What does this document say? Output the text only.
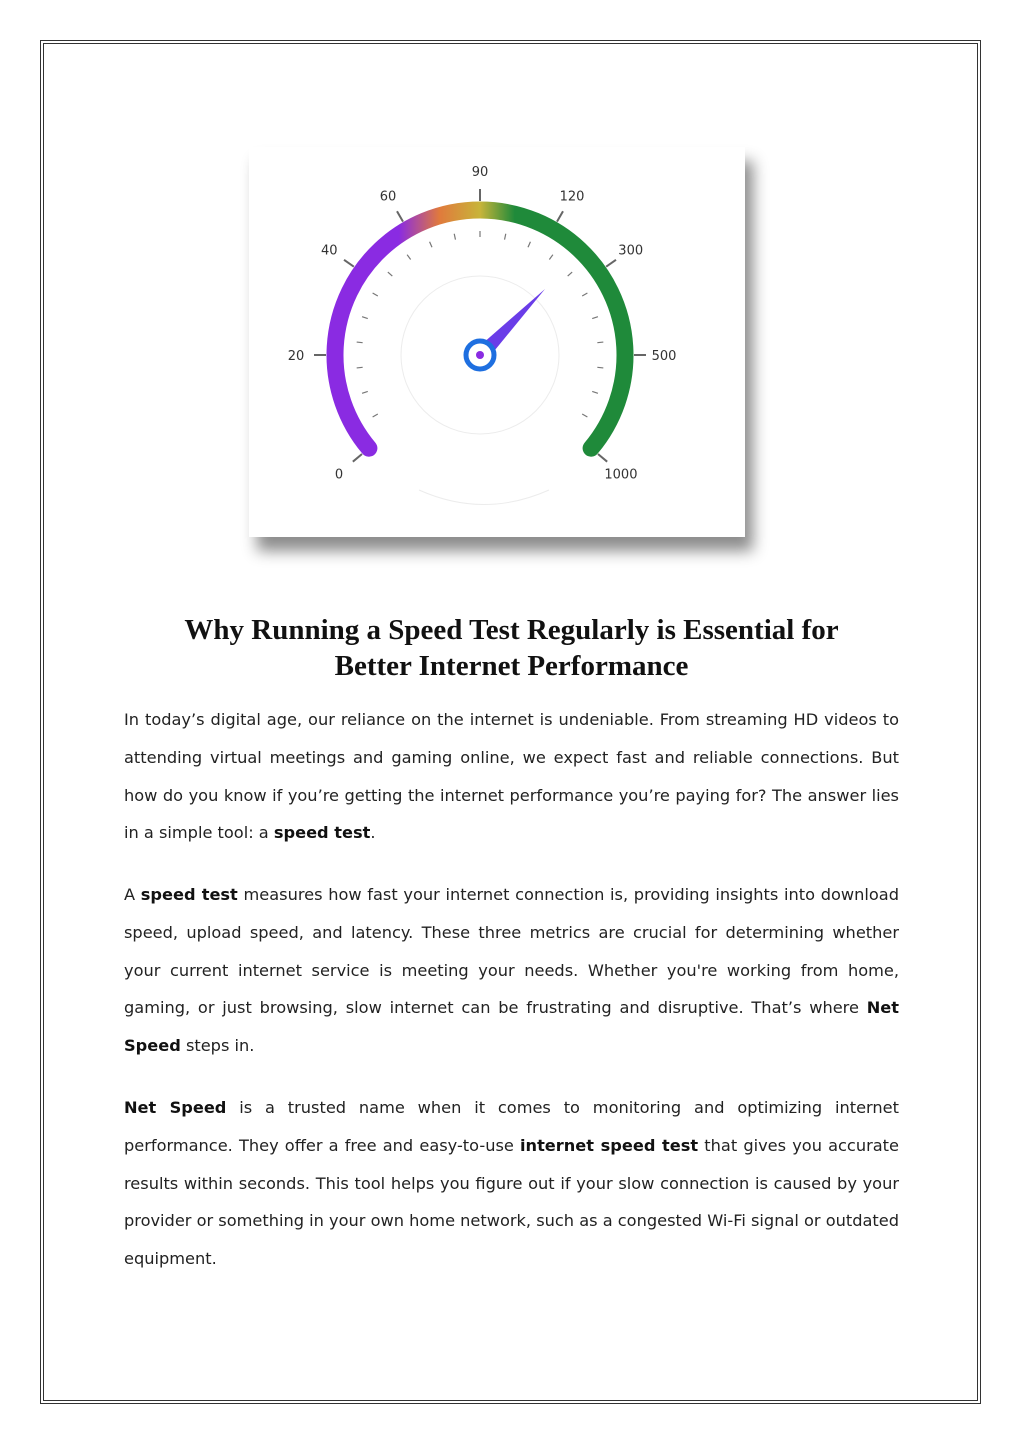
0
20
40
60
90
120
300
500
1000
Why Running a Speed Test Regularly is Essential for
Better Internet Performance

In today’s digital age, our reliance on the internet is undeniable. From streaming HD videos to attending virtual meetings and gaming online, we expect fast and reliable connections. But how do you know if you’re getting the internet performance you’re paying for? The answer lies in a simple tool: a speed test.

A speed test measures how fast your internet connection is, providing insights into download speed, upload speed, and latency. These three metrics are crucial for determining whether your current internet service is meeting your needs. Whether you're working from home, gaming, or just browsing, slow internet can be frustrating and disruptive. That’s where Net Speed steps in.

Net Speed is a trusted name when it comes to monitoring and optimizing internet performance. They offer a free and easy-to-use internet speed test that gives you accurate results within seconds. This tool helps you figure out if your slow connection is caused by your provider or something in your own home network, such as a congested Wi-Fi signal or outdated equipment.
